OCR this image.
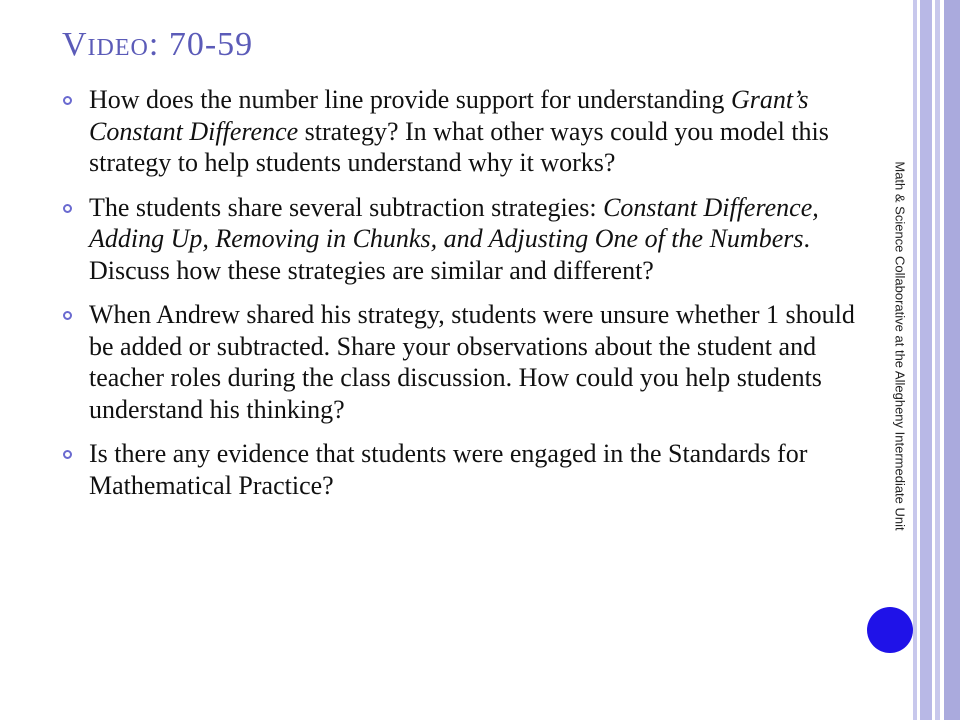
Video: 70-59
How does the number line provide support for understanding Grant’s Constant Difference strategy? In what other ways could you model this strategy to help students understand why it works?
The students share several subtraction strategies: Constant Difference, Adding Up, Removing in Chunks, and Adjusting One of the Numbers. Discuss how these strategies are similar and different?
When Andrew shared his strategy, students were unsure whether 1 should be added or subtracted. Share your observations about the student and teacher roles during the class discussion. How could you help students understand his thinking?
Is there any evidence that students were engaged in the Standards for Mathematical Practice?	Math & Science Collaborative at the Allegheny Intermediate Unit
